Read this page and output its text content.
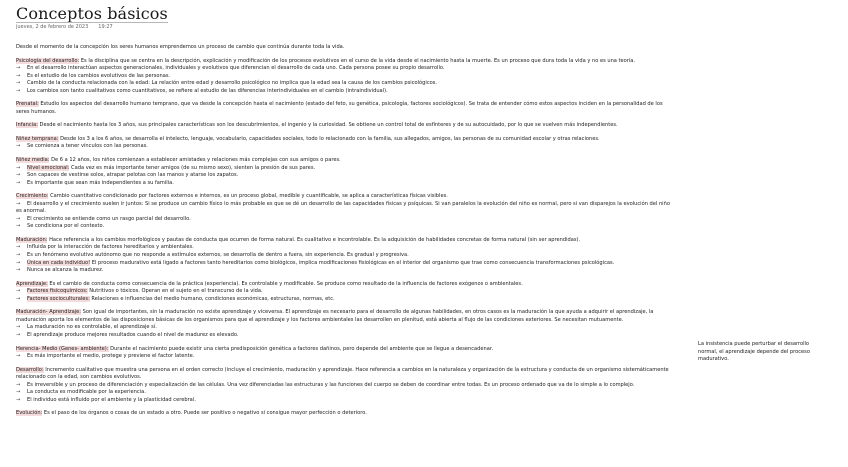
Conceptos básicos
jueves, 2 de febrero de 2023 19:27

Desde el momento de la concepción los seres humanos emprendemos un proceso de cambio que continúa durante toda la vida.

Psicología del desarrollo: Es la disciplina que se centra en la descripción, explicación y modificación de los procesos evolutivos en el curso de la vida desde el nacimiento hasta la muerte. Es un proceso que dura toda la vida y no es una teoría.

→ En el desarrollo interactúan aspectos generacionales, individuales y evolutivos que diferencian el desarrollo de cada uno. Cada persona posee su propio desarrollo.

→ Es el estudio de los cambios evolutivos de las personas.

→ Cambio de la conducta relacionada con la edad: La relación entre edad y desarrollo psicológico no implica que la edad sea la causa de los cambios psicológicos.

→ Los cambios son tanto cualitativos como cuantitativos, se refiere al estudio de las diferencias interindividuales en el cambio (intraindividual).

Prenatal: Estudio los aspectos del desarrollo humano temprano, que va desde la concepción hasta el nacimiento (estado del feto, su genética, psicología, factores sociológicos). Se trata de entender cómo estos aspectos inciden en la personalidad de los seres humanos.

Infancia: Desde el nacimiento hasta los 3 años, sus principales características son los descubrimientos, el ingenio y la curiosidad. Se obtiene un control total de esfínteres y de su autocuidado, por lo que se vuelven más independientes.

Niñez temprana: Desde los 3 a los 6 años, se desarrolla el intelecto, lenguaje, vocabulario, capacidades sociales, todo lo relacionado con la familia, sus allegados, amigos, las personas de su comunidad escolar y otras relaciones.

→ Se comienza a tener vínculos con las personas.

Niñez media: De 6 a 12 años, los niños comienzan a establecer amistades y relaciones más complejas con sus amigos o pares.

→ Nivel emocional: Cada vez es más importante tener amigos (de su mismo sexo), sienten la presión de sus pares.

→ Son capaces de vestirse solos, atrapar pelotas con las manos y atarse los zapatos.

→ Es importante que sean más independientes a su familia.

Crecimiento: Cambio cuantitativo condicionado por factores externos e internos, es un proceso global, medible y cuantificable, se aplica a características físicas visibles.

→ El desarrollo y el crecimiento suelen ir juntos: Si se produce un cambio físico lo más probable es que se dé un desarrollo de las capacidades físicas y psíquicas. Si van paralelos la evolución del niño es normal, pero si van disparejos la evolución del niño es anormal.

→ El crecimiento se entiende como un rasgo parcial del desarrollo.

→ Se condiciona por el contexto.

Maduración: Hace referencia a los cambios morfológicos y pautas de conducta que ocurren de forma natural. Es cualitativo e incontrolable. Es la adquisición de habilidades concretas de forma natural (sin ser aprendidas).

→ Influida por la interacción de factores hereditarios y ambientales.

→ Es un fenómeno evolutivo autónomo que no responde a estímulos externos, se desarrolla de dentro a fuera, sin experiencia. Es gradual y progresiva.

→ Única en cada individuo! El proceso madurativo está ligado a factores tanto hereditarios como biológicos, implica modificaciones fisiológicas en el interior del organismo que trae como consecuencia transformaciones psicológicas.

→ Nunca se alcanza la madurez.

Aprendizaje: Es el cambio de conducta como consecuencia de la práctica (experiencia). Es controlable y modificable. Se produce como resultado de la influencia de factores exógenos o ambientales.

→ Factores fisicoquímicos: Nutritivos o tóxicos. Operan en el sujeto en el transcurso de la vida.

→ Factores socioculturales: Relaciones e influencias del medio humano, condiciones económicas, estructuras, normas, etc.

Maduración- Aprendizaje: Son igual de importantes, sin la maduración no existe aprendizaje y viceversa. El aprendizaje es necesario para el desarrollo de algunas habilidades, en otros casos es la maduración la que ayuda a adquirir el aprendizaje, la maduración aporta los elementos de las disposiciones básicas de los organismos para que el aprendizaje y los factores ambientales las desarrollen en plenitud, está abierta al flujo de las condiciones exteriores. Se necesitan mutuamente.

→ La maduración no es controlable, el aprendizaje sí.

→ El aprendizaje produce mejores resultados cuando el nivel de madurez es elevado.

Herencia- Medio (Genes- ambiente): Durante el nacimiento puede existir una cierta predisposición genética a factores dañinos, pero depende del ambiente que se llegue a desencadenar.

→ Es más importante el medio, protege y previene el factor latente.

Desarrollo: Incremento cualitativo que muestra una persona en el orden correcto (incluye el crecimiento, maduración y aprendizaje. Hace referencia a cambios en la naturaleza y organización de la estructura y conducta de un organismo sistemáticamente relacionado con la edad, son cambios evolutivos.

→ Es irreversible y un proceso de diferenciación y especialización de las células. Una vez diferenciadas las estructuras y las funciones del cuerpo se deben de coordinar entre todas. Es un proceso ordenado que va de lo simple a lo complejo.

→ La conducta es modificable por la experiencia.

→ El individuo está influido por el ambiente y la plasticidad cerebral.

Evolución: Es el paso de los órganos o cosas de un estado a otro. Puede ser positivo o negativo si consigue mayor perfección o deterioro.

La insistencia puede perturbar el desarrollo normal, el aprendizaje depende del proceso madurativo.
